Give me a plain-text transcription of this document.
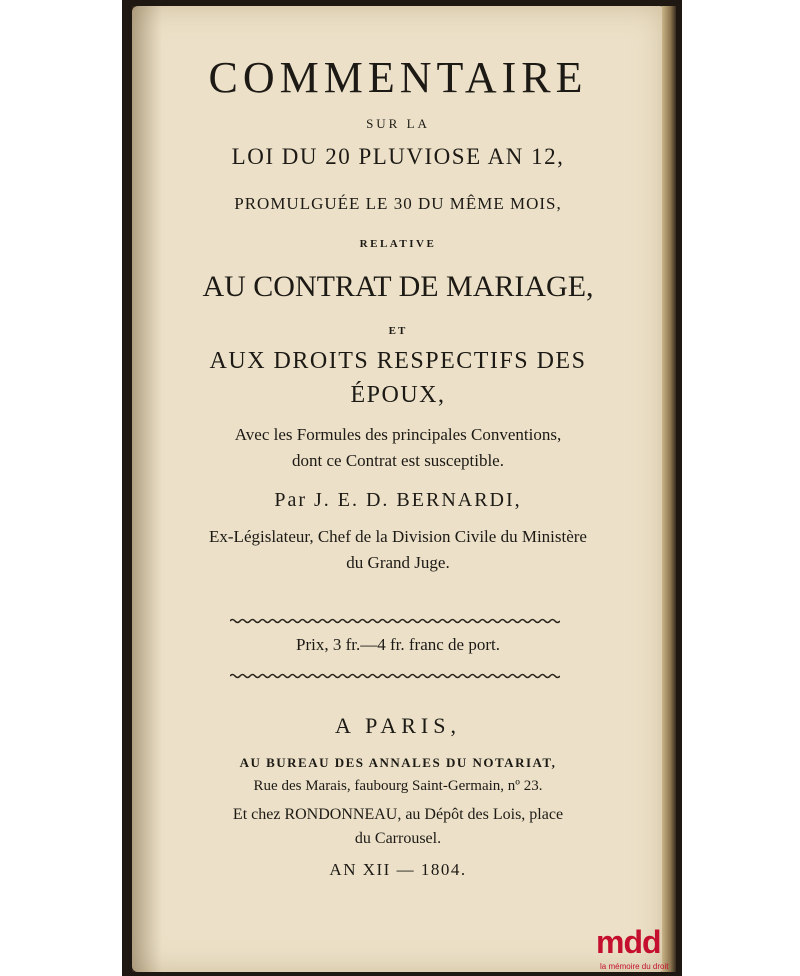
COMMENTAIRE
SUR LA
LOI DU 20 PLUVIOSE AN 12,
PROMULGUÉE LE 30 DU MÊME MOIS,
RELATIVE
AU CONTRAT DE MARIAGE,
ET
AUX DROITS RESPECTIFS DES
ÉPOUX,
Avec les Formules des principales Conventions,
dont ce Contrat est susceptible.
Par J. E. D. BERNARDI,
Ex-Législateur, Chef de la Division Civile du Ministère
du Grand Juge.
Prix, 3 fr.—4 fr. franc de port.
A PARIS,
AU BUREAU DES ANNALES DU NOTARIAT,
Rue des Marais, faubourg Saint-Germain, nº 23.
Et chez RONDONNEAU, au Dépôt des Lois, place
du Carrousel.
AN XII — 1804.
mdd
la mémoire du droit
